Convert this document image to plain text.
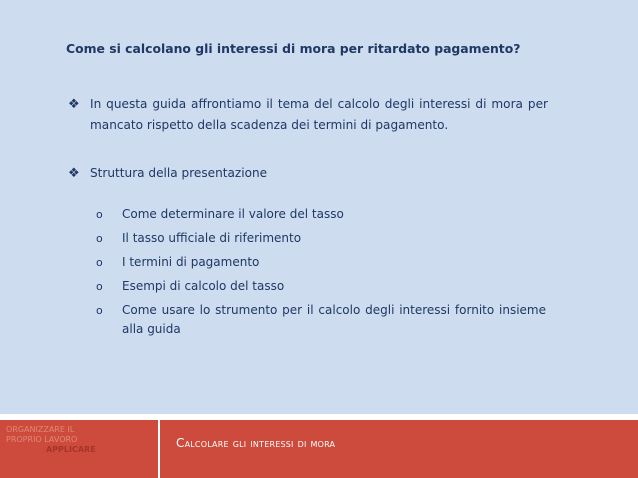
Come si calcolano gli interessi di mora per ritardato pagamento?
❖ In questa guida affrontiamo il tema del calcolo degli interessi di mora per mancato rispetto della scadenza dei termini di pagamento.
❖ Struttura della presentazione
o	Come determinare il valore del tasso
o	Il tasso ufficiale di riferimento
o	I termini di pagamento
o	Esempi di calcolo del tasso
o	Come usare lo strumento per il calcolo degli interessi fornito insieme alla guida
ORGANIZZARE IL
PROPRIO LAVORO
APPLICARE	Calcolare gli interessi di mora
